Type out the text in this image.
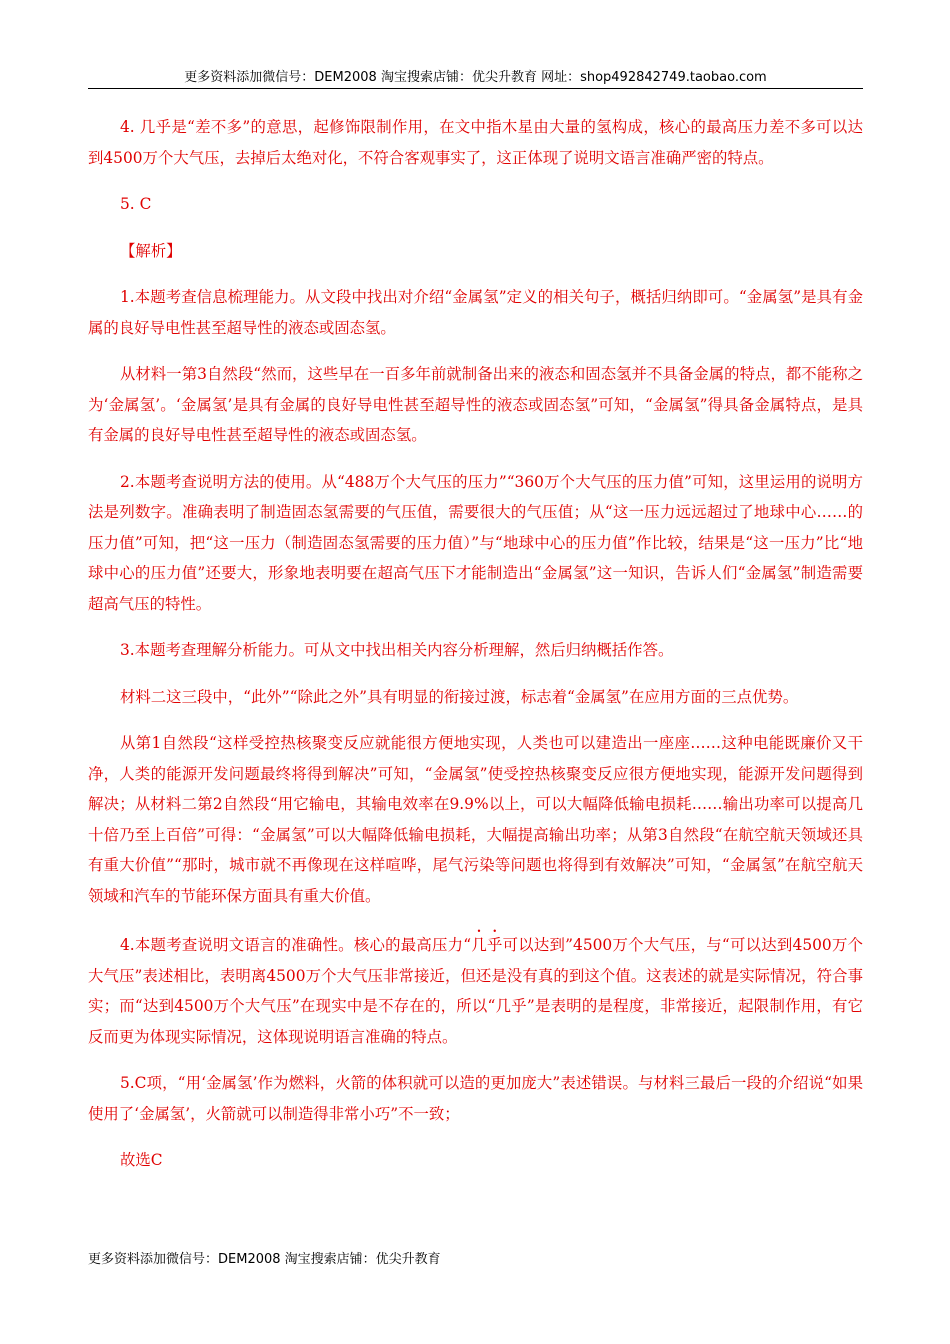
更多资料添加微信号：DEM2008 淘宝搜索店铺：优尖升教育 网址：shop492842749.taobao.com

4. 几乎是“差不多”的意思，起修饰限制作用，在文中指木星由大量的氢构成，核心的最高压力差不多可以达到4500万个大气压，去掉后太绝对化，不符合客观事实了，这正体现了说明文语言准确严密的特点。

5. C

【解析】

1.本题考查信息梳理能力。从文段中找出对介绍“金属氢”定义的相关句子，概括归纳即可。“金属氢”是具有金属的良好导电性甚至超导性的液态或固态氢。

从材料一第3自然段“然而，这些早在一百多年前就制备出来的液态和固态氢并不具备金属的特点，都不能称之为‘金属氢’。‘金属氢’是具有金属的良好导电性甚至超导性的液态或固态氢”可知，“金属氢”得具备金属特点，是具有金属的良好导电性甚至超导性的液态或固态氢。

2.本题考查说明方法的使用。从“488万个大气压的压力”“360万个大气压的压力值”可知，这里运用的说明方法是列数字。准确表明了制造固态氢需要的气压值，需要很大的气压值；从“这一压力远远超过了地球中心……的压力值”可知，把“这一压力（制造固态氢需要的压力值）”与“地球中心的压力值”作比较，结果是“这一压力”比“地球中心的压力值”还要大，形象地表明要在超高气压下才能制造出“金属氢”这一知识，告诉人们“金属氢”制造需要超高气压的特性。

3.本题考查理解分析能力。可从文中找出相关内容分析理解，然后归纳概括作答。

材料二这三段中，“此外”“除此之外”具有明显的衔接过渡，标志着“金属氢”在应用方面的三点优势。

从第1自然段“这样受控热核聚变反应就能很方便地实现，人类也可以建造出一座座……这种电能既廉价又干净，人类的能源开发问题最终将得到解决”可知，“金属氢”使受控热核聚变反应很方便地实现，能源开发问题得到解决；从材料二第2自然段“用它输电，其输电效率在9.9%以上，可以大幅降低输电损耗……输出功率可以提高几十倍乃至上百倍”可得：“金属氢”可以大幅降低输电损耗，大幅提高输出功率；从第3自然段“在航空航天领域还具有重大价值”“那时，城市就不再像现在这样喧哗，尾气污染等问题也将得到有效解决”可知，“金属氢”在航空航天领域和汽车的节能环保方面具有重大价值。

4.本题考查说明文语言的准确性。核心的最高压力“几乎可以达到”4500万个大气压，与“可以达到4500万个大气压”表述相比，表明离4500万个大气压非常接近，但还是没有真的到这个值。这表述的就是实际情况，符合事实；而“达到4500万个大气压”在现实中是不存在的，所以“几乎”是表明的是程度，非常接近，起限制作用，有它反而更为体现实际情况，这体现说明语言准确的特点。

5.C项，“用‘金属氢’作为燃料，火箭的体积就可以造的更加庞大”表述错误。与材料三最后一段的介绍说“如果使用了‘金属氢’，火箭就可以制造得非常小巧”不一致；

故选C

更多资料添加微信号：DEM2008 淘宝搜索店铺：优尖升教育
